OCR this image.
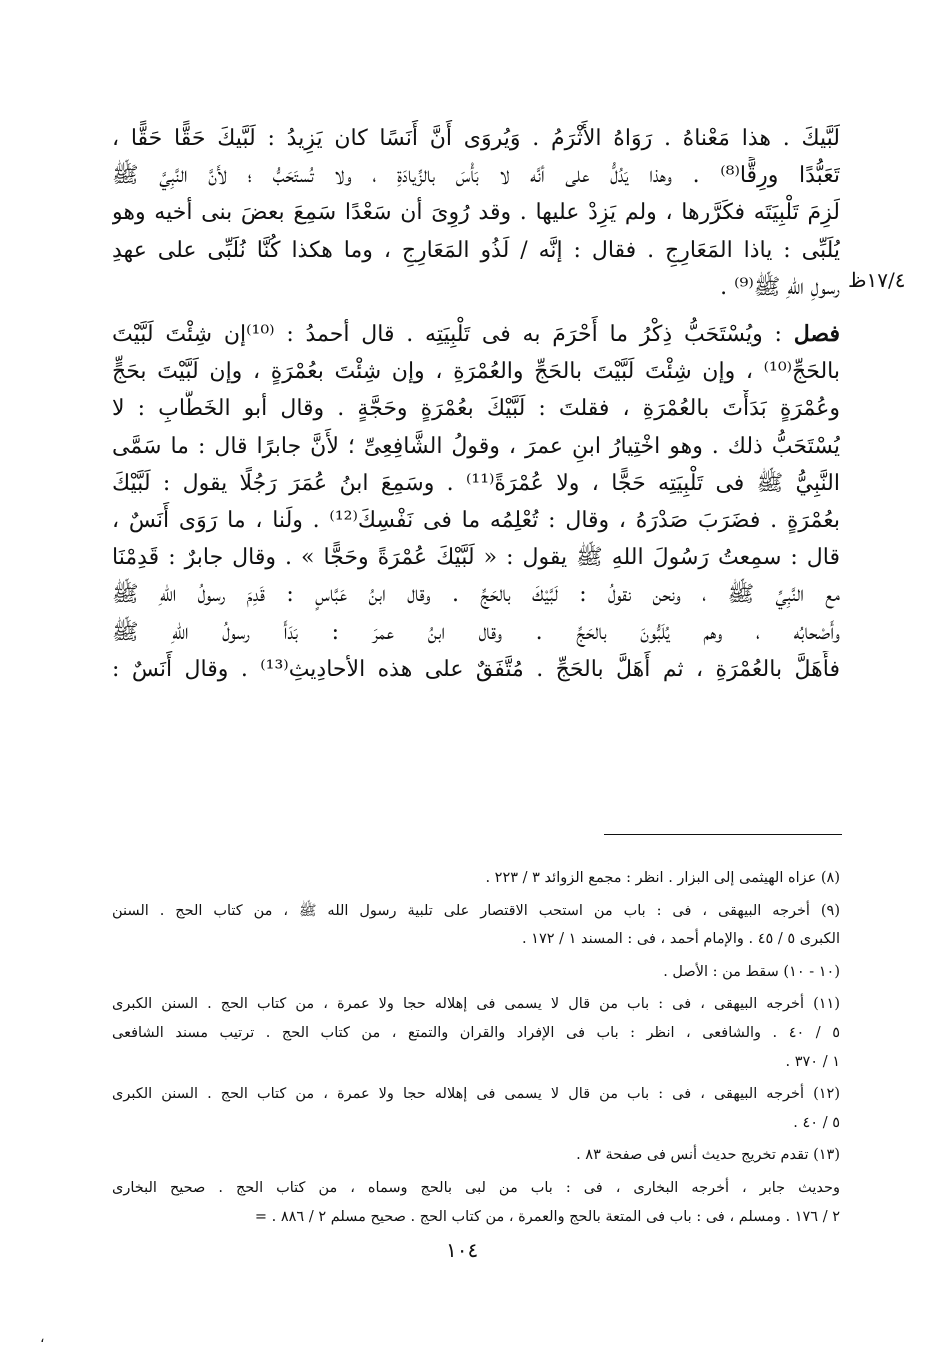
١٧/٤ظ

لَبَّيكَ . هذا مَعْناهُ . رَوَاهُ الأَثْرَمُ . وَيُروَى أَنَّ أَنَسًا كان يَزِيدُ : لَبَّيكَ حَقًّا حَقًّا ،
تَعَبُّدًا ورِقًّا⁽⁸⁾ . وهذا يَدُلُّ على أنَّه لا بَأْسَ بالزِّيادَةِ ، ولا تُستَحَبُّ ؛ لأَنَّ النَّبِيَّ ﷺ
لَزِمَ تَلْبِيَتَه فكَرَّرها ، ولم يَزِدْ عليها . وقد رُوِىَ أن سَعْدًا سَمِعَ بعضَ بنى أخيه وهو
يُلَبِّى : ياذا المَعَارِجِ . فقال : إنَّه / لَذُو المَعَارِجِ ، وما هكذا كُنَّا نُلَبِّى على عهدِ
رسولِ اللهِ ﷺ⁽⁹⁾ .

فصل : ويُسْتَحَبُّ ذِكْرُ ما أَحْرَمَ به فى تَلْبِيَتِه . قال أحمدُ : ⁽¹⁰⁾إن شِئْتَ لَبَّيْتَ
بالحَجِّ⁽¹⁰⁾ ، وإن شِئْتَ لَبَّيْتَ بالحَجِّ والعُمْرَةِ ، وإن شِئْتَ بعُمْرَةٍ ، وإن لَبَّيْتَ بحَجٍّ
وعُمْرَةٍ بَدَأْتَ بالعُمْرَةِ ، فقلتَ : لَبَّيْكَ بعُمْرَةٍ وحَجَّةٍ . وقال أبو الخَطَّابِ : لا
يُسْتَحَبُّ ذلك . وهو اخْتِيارُ ابنِ عمرَ ، وقولُ الشَّافِعِىِّ ؛ لأَنَّ جابرًا قال : ما سَمَّى
النَّبِيُّ ﷺ فى تَلْبِيَتِه حَجًّا ، ولا عُمْرَةً⁽¹¹⁾ . وسَمِعَ ابنُ عُمَرَ رَجُلًا يقول : لَبَّيْكَ
بعُمْرَةٍ . فضَرَبَ صَدْرَهُ ، وقال : تُعْلِمُه ما فى نَفْسِكَ⁽¹²⁾ . ولَنا ، ما رَوَى أَنَسٌ ،
قال : سمِعتُ رَسُولَ اللهِ ﷺ يقول : « لَبَّيْكَ عُمْرَةً وحَجًّا » . وقال جابرٌ : قَدِمْنَا
مع النَّبِيِّ ﷺ ، ونحن نقولُ : لَبَّيْكَ بالحَجِّ . وقال ابنُ عَبَّاسٍ : قَدِمَ رسولُ اللهِ ﷺ
وأَصْحابُه ، وهم يُلَبُّونَ بالحَجِّ . وقال ابنُ عمرَ : بَدَأَ رسولُ اللهِ ﷺ
فأَهَلَّ بالعُمْرَةِ ، ثم أَهَلَّ بالحَجِّ . مُتَّفَقٌ على هذه الأحادِيثِ⁽¹³⁾ . وقال أَنَسٌ :

(٨) عزاه الهيثمى إلى البزار . انظر : مجمع الزوائد ٣ / ٢٢٣ .

(٩) أخرجه البيهقى ، فى : باب من استحب الاقتصار على تلبية رسول الله ﷺ ، من كتاب الحج . السنن
الكبرى ٥ / ٤٥ . والإمام أحمد ، فى : المسند ١ / ١٧٢ .

(١٠ - ١٠) سقط من : الأصل .

(١١) أخرجه البيهقى ، فى : باب من قال لا يسمى فى إهلاله حجا ولا عمرة ، من كتاب الحج . السنن الكبرى
٥ / ٤٠ . والشافعى ، انظر : باب فى الإفراد والقران والتمتع ، من كتاب الحج . ترتيب مسند الشافعى
١ / ٣٧٠ .

(١٢) أخرجه البيهقى ، فى : باب من قال لا يسمى فى إهلاله حجا ولا عمرة ، من كتاب الحج . السنن الكبرى
٥ / ٤٠ .

(١٣) تقدم تخريج حديث أنس فى صفحة ٨٣ .

وحديث جابر ، أخرجه البخارى ، فى : باب من لبى بالحج وسماه ، من كتاب الحج . صحيح البخارى
٢ / ١٧٦ . ومسلم ، فى : باب فى المتعة بالحج والعمرة ، من كتاب الحج . صحيح مسلم ٢ / ٨٨٦ . =

١٠٤
،
